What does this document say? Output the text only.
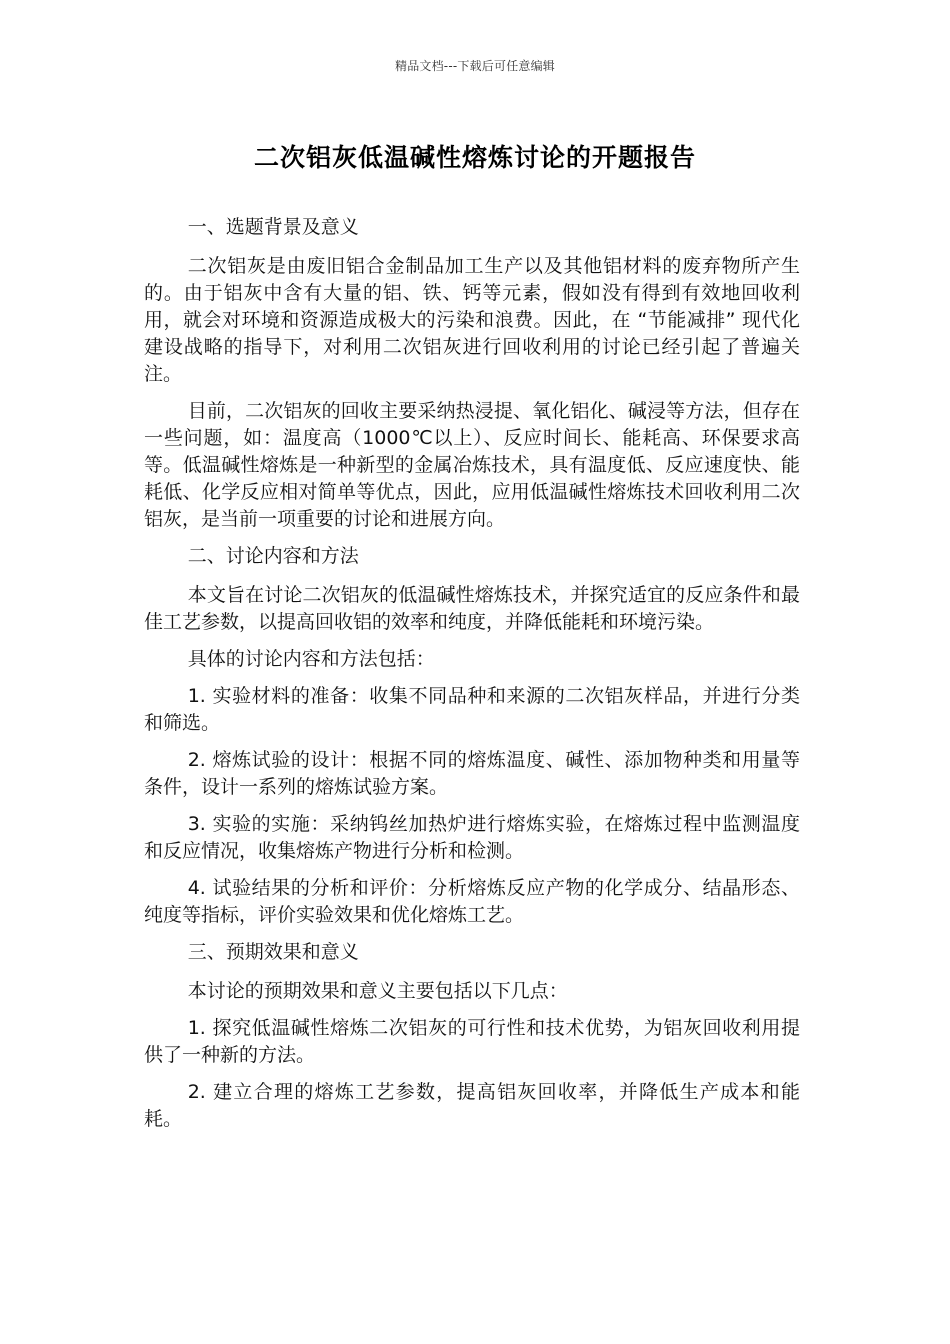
精品文档---下载后可任意编辑
二次铝灰低温碱性熔炼讨论的开题报告

一、选题背景及意义

二次铝灰是由废旧铝合金制品加工生产以及其他铝材料的废弃物所产生的。由于铝灰中含有大量的铝、铁、钙等元素，假如没有得到有效地回收利用，就会对环境和资源造成极大的污染和浪费。因此，在 “节能减排” 现代化建设战略的指导下，对利用二次铝灰进行回收利用的讨论已经引起了普遍关注。

目前，二次铝灰的回收主要采纳热浸提、氧化铝化、碱浸等方法，但存在一些问题，如：温度高（1000℃以上）、反应时间长、能耗高、环保要求高等。低温碱性熔炼是一种新型的金属冶炼技术，具有温度低、反应速度快、能耗低、化学反应相对简单等优点，因此，应用低温碱性熔炼技术回收利用二次铝灰，是当前一项重要的讨论和进展方向。

二、讨论内容和方法

本文旨在讨论二次铝灰的低温碱性熔炼技术，并探究适宜的反应条件和最佳工艺参数，以提高回收铝的效率和纯度，并降低能耗和环境污染。

具体的讨论内容和方法包括：

1. 实验材料的准备：收集不同品种和来源的二次铝灰样品，并进行分类和筛选。

2. 熔炼试验的设计：根据不同的熔炼温度、碱性、添加物种类和用量等条件，设计一系列的熔炼试验方案。

3. 实验的实施：采纳钨丝加热炉进行熔炼实验，在熔炼过程中监测温度和反应情况，收集熔炼产物进行分析和检测。

4. 试验结果的分析和评价：分析熔炼反应产物的化学成分、结晶形态、纯度等指标，评价实验效果和优化熔炼工艺。

三、预期效果和意义

本讨论的预期效果和意义主要包括以下几点：

1. 探究低温碱性熔炼二次铝灰的可行性和技术优势，为铝灰回收利用提供了一种新的方法。

2. 建立合理的熔炼工艺参数，提高铝灰回收率，并降低生产成本和能耗。
